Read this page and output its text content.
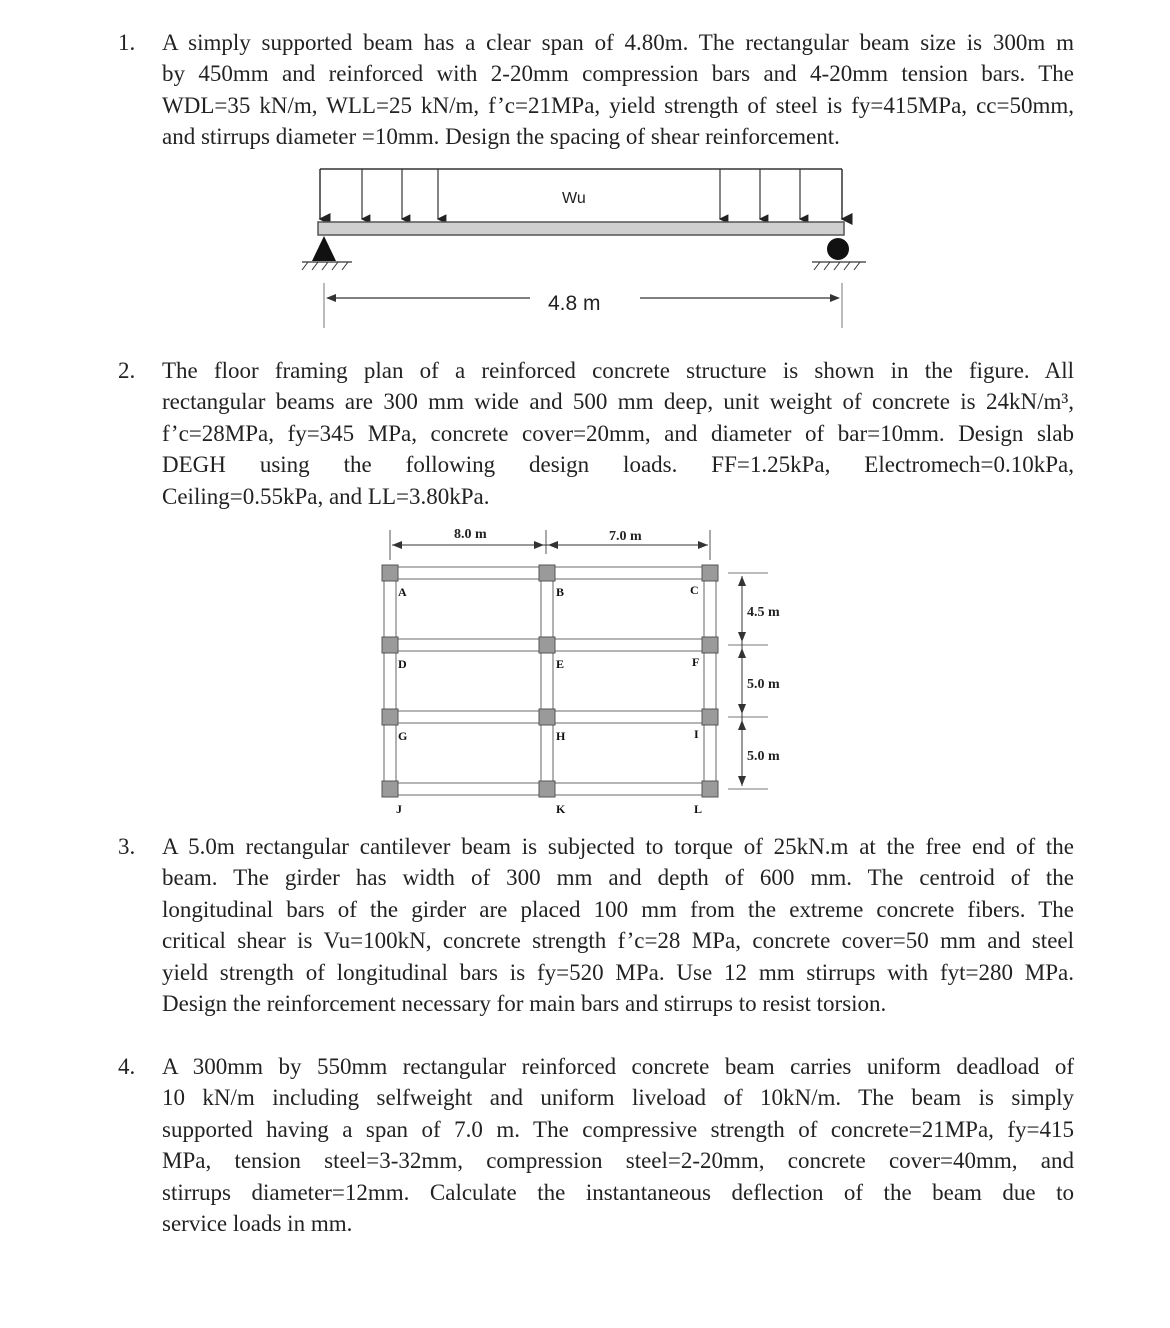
1. A simply supported beam has a clear span of 4.80m. The rectangular beam size is 300m m
by 450mm and reinforced with 2-20mm compression bars and 4-20mm tension bars. The
WDL=35 kN/m, WLL=25 kN/m, f’c=21MPa, yield strength of steel is fy=415MPa, cc=50mm,
and stirrups diameter =10mm. Design the spacing of shear reinforcement.
Wu
4.8 m
2. The floor framing plan of a reinforced concrete structure is shown in the figure. All
rectangular beams are 300 mm wide and 500 mm deep, unit weight of concrete is 24kN/m³,
f’c=28MPa, fy=345 MPa, concrete cover=20mm, and diameter of bar=10mm. Design slab
DEGH using the following design loads. FF=1.25kPa, Electromech=0.10kPa,
Ceiling=0.55kPa, and LL=3.80kPa.
8.0 m	7.0 m
A	B	C
D	E	F
G	H	I
J	K	L
4.5 m
5.0 m
5.0 m
3. A 5.0m rectangular cantilever beam is subjected to torque of 25kN.m at the free end of the
beam. The girder has width of 300 mm and depth of 600 mm. The centroid of the
longitudinal bars of the girder are placed 100 mm from the extreme concrete fibers. The
critical shear is Vu=100kN, concrete strength f’c=28 MPa, concrete cover=50 mm and steel
yield strength of longitudinal bars is fy=520 MPa. Use 12 mm stirrups with fyt=280 MPa.
Design the reinforcement necessary for main bars and stirrups to resist torsion.
4. A 300mm by 550mm rectangular reinforced concrete beam carries uniform deadload of
10 kN/m including selfweight and uniform liveload of 10kN/m. The beam is simply
supported having a span of 7.0 m. The compressive strength of concrete=21MPa, fy=415
MPa, tension steel=3-32mm, compression steel=2-20mm, concrete cover=40mm, and
stirrups diameter=12mm. Calculate the instantaneous deflection of the beam due to
service loads in mm.
